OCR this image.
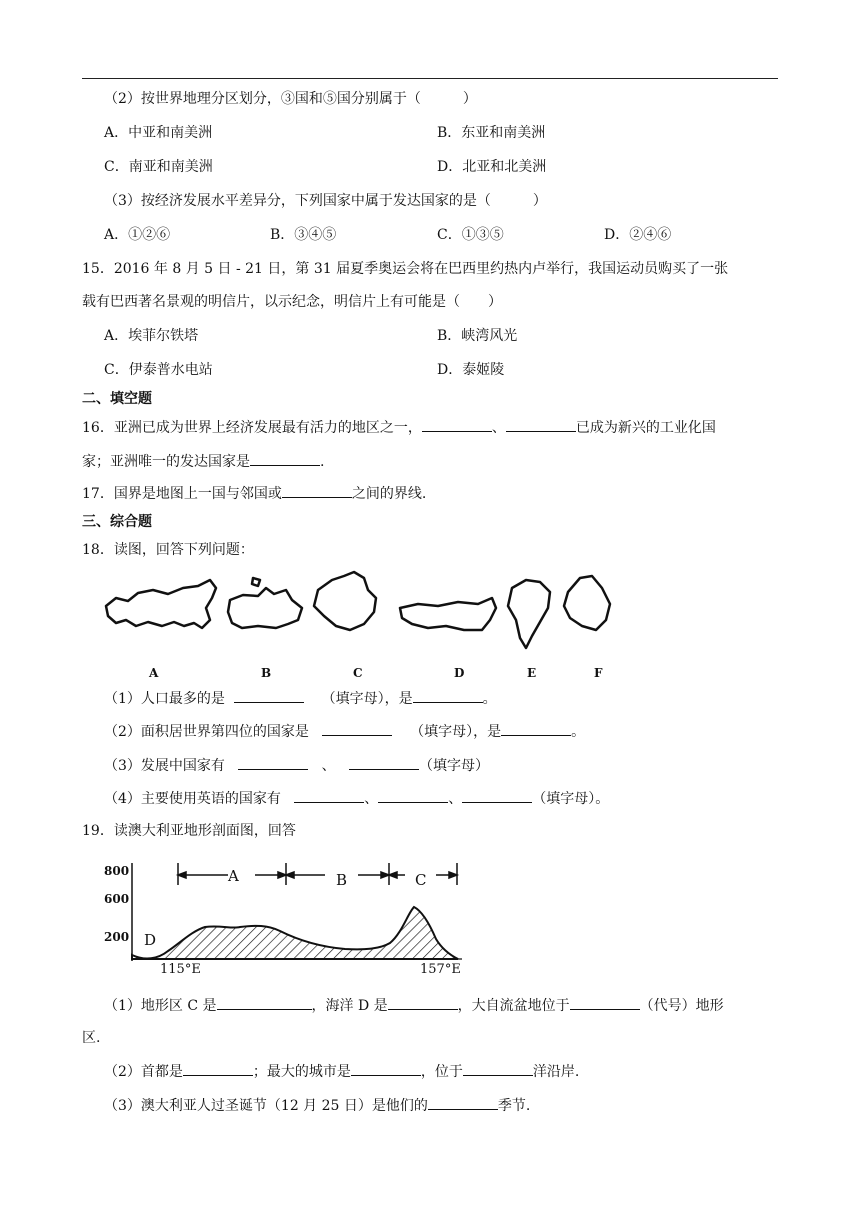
（2）按世界地理分区划分，③国和⑤国分别属于（　　　）
A．中亚和南美洲	B．东亚和南美洲
C．南亚和南美洲	D．北亚和北美洲
（3）按经济发展水平差异分，下列国家中属于发达国家的是（　　　）
A．①②⑥	B．③④⑤	C．①③⑤	D．②④⑥
15．2016 年 8 月 5 日 - 21 日，第 31 届夏季奥运会将在巴西里约热内卢举行，我国运动员购买了一张
载有巴西著名景观的明信片，以示纪念，明信片上有可能是（　　）
A．埃菲尔铁塔	B．峡湾风光
C．伊泰普水电站	D．泰姬陵
二、填空题
16．亚洲已成为世界上经济发展最有活力的地区之一，	、	已成为新兴的工业化国
家；亚洲唯一的发达国家是	.
17．国界是地图上一国与邻国或	之间的界线.
三、综合题
18．读图，回答下列问题：
A	B	C	D	E	F
（1）人口最多的是	（填字母），是	。
（2）面积居世界第四位的国家是	（填字母），是	。
（3）发展中国家有	、	（填字母）
（4）主要使用英语的国家有	、	、	（填字母）。
19．读澳大利亚地形剖面图，回答
800
600
200
A	B	C
D
115°E	157°E
（1）地形区 C 是	，海洋 D 是	，大自流盆地位于	（代号）地形
区.
（2）首都是	；最大的城市是	，位于	洋沿岸.
（3）澳大利亚人过圣诞节（12 月 25 日）是他们的	季节.
